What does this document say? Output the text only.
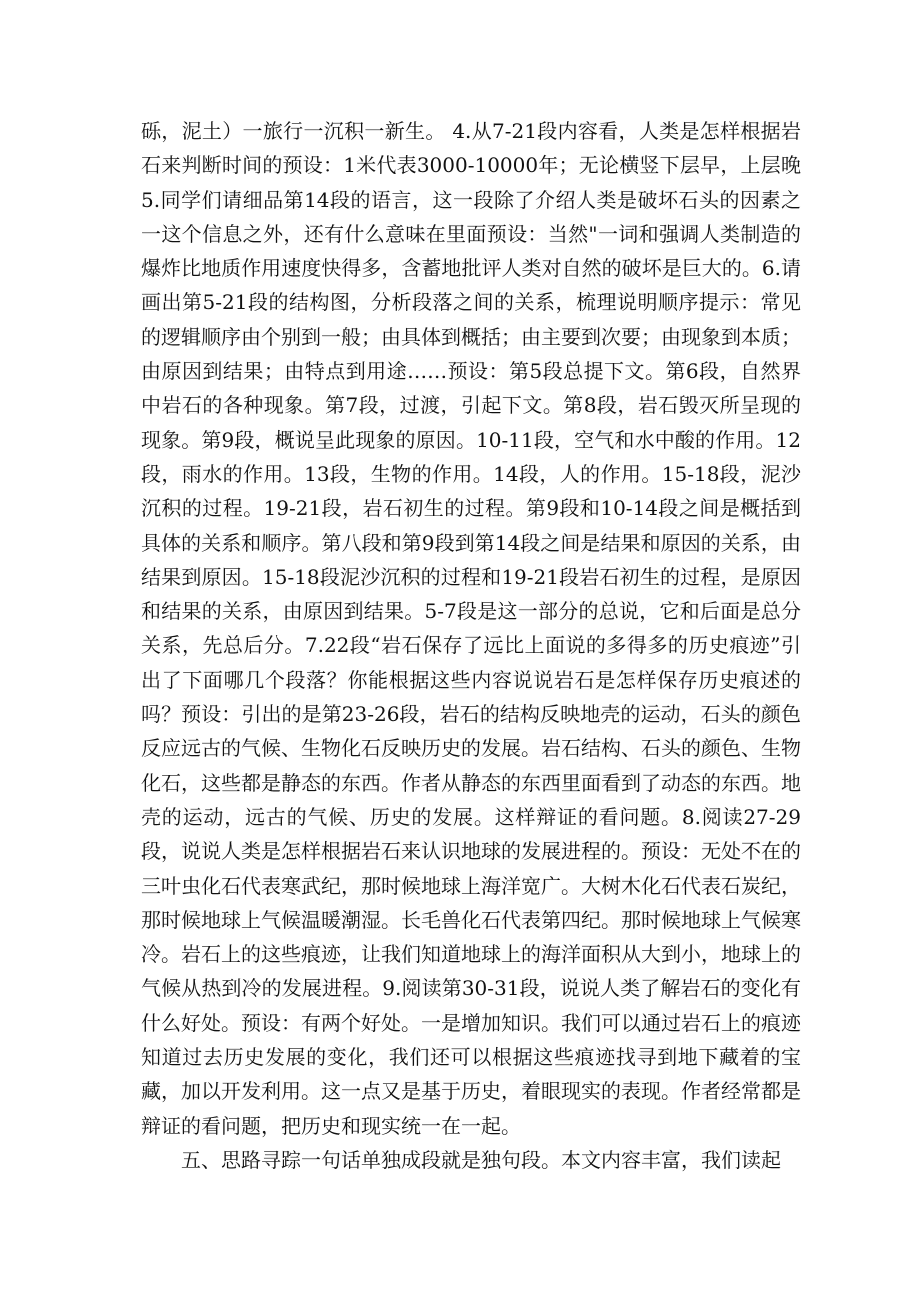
砾，泥土）一旅行一沉积一新生。 4.从7-21段内容看，人类是怎样根据岩石来判断时间的预设：1米代表3000-10000年；无论横竖下层早，上层晚5.同学们请细品第14段的语言，这一段除了介绍人类是破坏石头的因素之一这个信息之外，还有什么意味在里面预设：当然"一词和强调人类制造的爆炸比地质作用速度快得多，含蓄地批评人类对自然的破坏是巨大的。6.请画出第5-21段的结构图，分析段落之间的关系，梳理说明顺序提示：常见的逻辑顺序由个别到一般；由具体到概括；由主要到次要；由现象到本质；由原因到结果；由特点到用途……预设：第5段总提下文。第6段，自然界中岩石的各种现象。第7段，过渡，引起下文。第8段，岩石毁灭所呈现的现象。第9段，概说呈此现象的原因。10-11段，空气和水中酸的作用。12段，雨水的作用。13段，生物的作用。14段，人的作用。15-18段，泥沙沉积的过程。19-21段，岩石初生的过程。第9段和10-14段之间是概括到具体的关系和顺序。第八段和第9段到第14段之间是结果和原因的关系，由结果到原因。15-18段泥沙沉积的过程和19-21段岩石初生的过程，是原因和结果的关系，由原因到结果。5-7段是这一部分的总说，它和后面是总分关系，先总后分。7.22段“岩石保存了远比上面说的多得多的历史痕迹”引出了下面哪几个段落？你能根据这些内容说说岩石是怎样保存历史痕述的吗？预设：引出的是第23-26段，岩石的结构反映地壳的运动，石头的颜色反应远古的气候、生物化石反映历史的发展。岩石结构、石头的颜色、生物化石，这些都是静态的东西。作者从静态的东西里面看到了动态的东西。地壳的运动，远古的气候、历史的发展。这样辩证的看问题。8.阅读27-29段，说说人类是怎样根据岩石来认识地球的发展进程的。预设：无处不在的三叶虫化石代表寒武纪，那时候地球上海洋宽广。大树木化石代表石炭纪，那时候地球上气候温暖潮湿。长毛兽化石代表第四纪。那时候地球上气候寒冷。岩石上的这些痕迹，让我们知道地球上的海洋面积从大到小，地球上的气候从热到冷的发展进程。9.阅读第30-31段，说说人类了解岩石的变化有什么好处。预设：有两个好处。一是增加知识。我们可以通过岩石上的痕迹知道过去历史发展的变化，我们还可以根据这些痕迹找寻到地下藏着的宝藏，加以开发利用。这一点又是基于历史，着眼现实的表现。作者经常都是辩证的看问题，把历史和现实统一在一起。

五、思路寻踪一句话单独成段就是独句段。本文内容丰富，我们读起
